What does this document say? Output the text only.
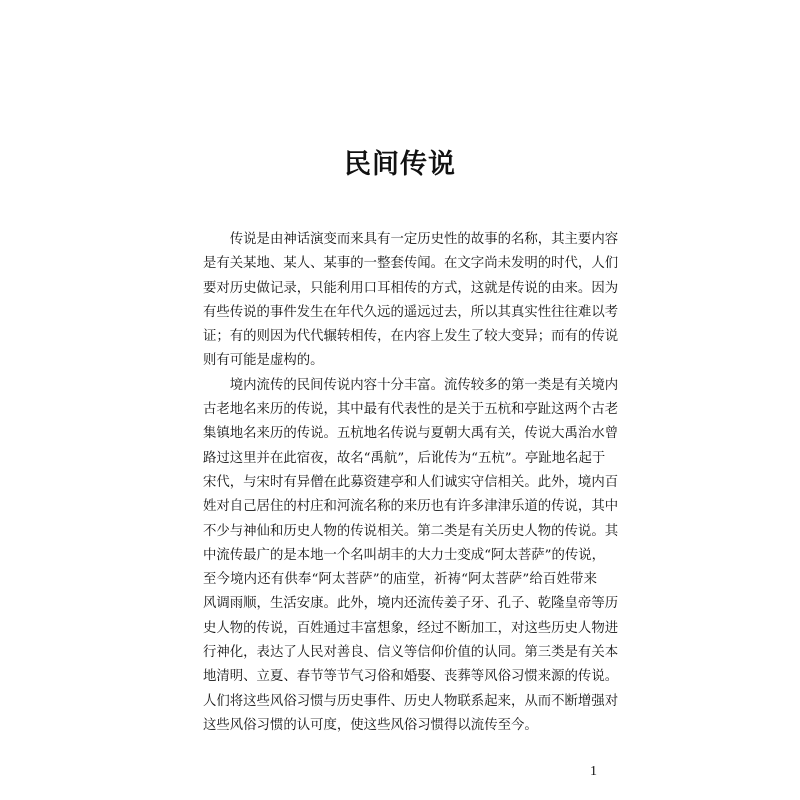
民间传说
　　传说是由神话演变而来具有一定历史性的故事的名称，其主要内容
是有关某地、某人、某事的一整套传闻。在文字尚未发明的时代，人们
要对历史做记录，只能利用口耳相传的方式，这就是传说的由来。因为
有些传说的事件发生在年代久远的遥远过去，所以其真实性往往难以考
证；有的则因为代代辗转相传，在内容上发生了较大变异；而有的传说
则有可能是虚构的。
　　境内流传的民间传说内容十分丰富。流传较多的第一类是有关境内
古老地名来历的传说，其中最有代表性的是关于五杭和亭趾这两个古老
集镇地名来历的传说。五杭地名传说与夏朝大禹有关，传说大禹治水曾
路过这里并在此宿夜，故名“禹航”，后讹传为“五杭”。亭趾地名起于
宋代，与宋时有异僧在此募资建亭和人们诚实守信相关。此外，境内百
姓对自己居住的村庄和河流名称的来历也有许多津津乐道的传说，其中
不少与神仙和历史人物的传说相关。第二类是有关历史人物的传说。其
中流传最广的是本地一个名叫胡丰的大力士变成“阿太菩萨”的传说，
至今境内还有供奉“阿太菩萨”的庙堂，祈祷“阿太菩萨”给百姓带来
风调雨顺，生活安康。此外，境内还流传姜子牙、孔子、乾隆皇帝等历
史人物的传说，百姓通过丰富想象，经过不断加工，对这些历史人物进
行神化，表达了人民对善良、信义等信仰价值的认同。第三类是有关本
地清明、立夏、春节等节气习俗和婚娶、丧葬等风俗习惯来源的传说。
人们将这些风俗习惯与历史事件、历史人物联系起来，从而不断增强对
这些风俗习惯的认可度，使这些风俗习惯得以流传至今。
1
